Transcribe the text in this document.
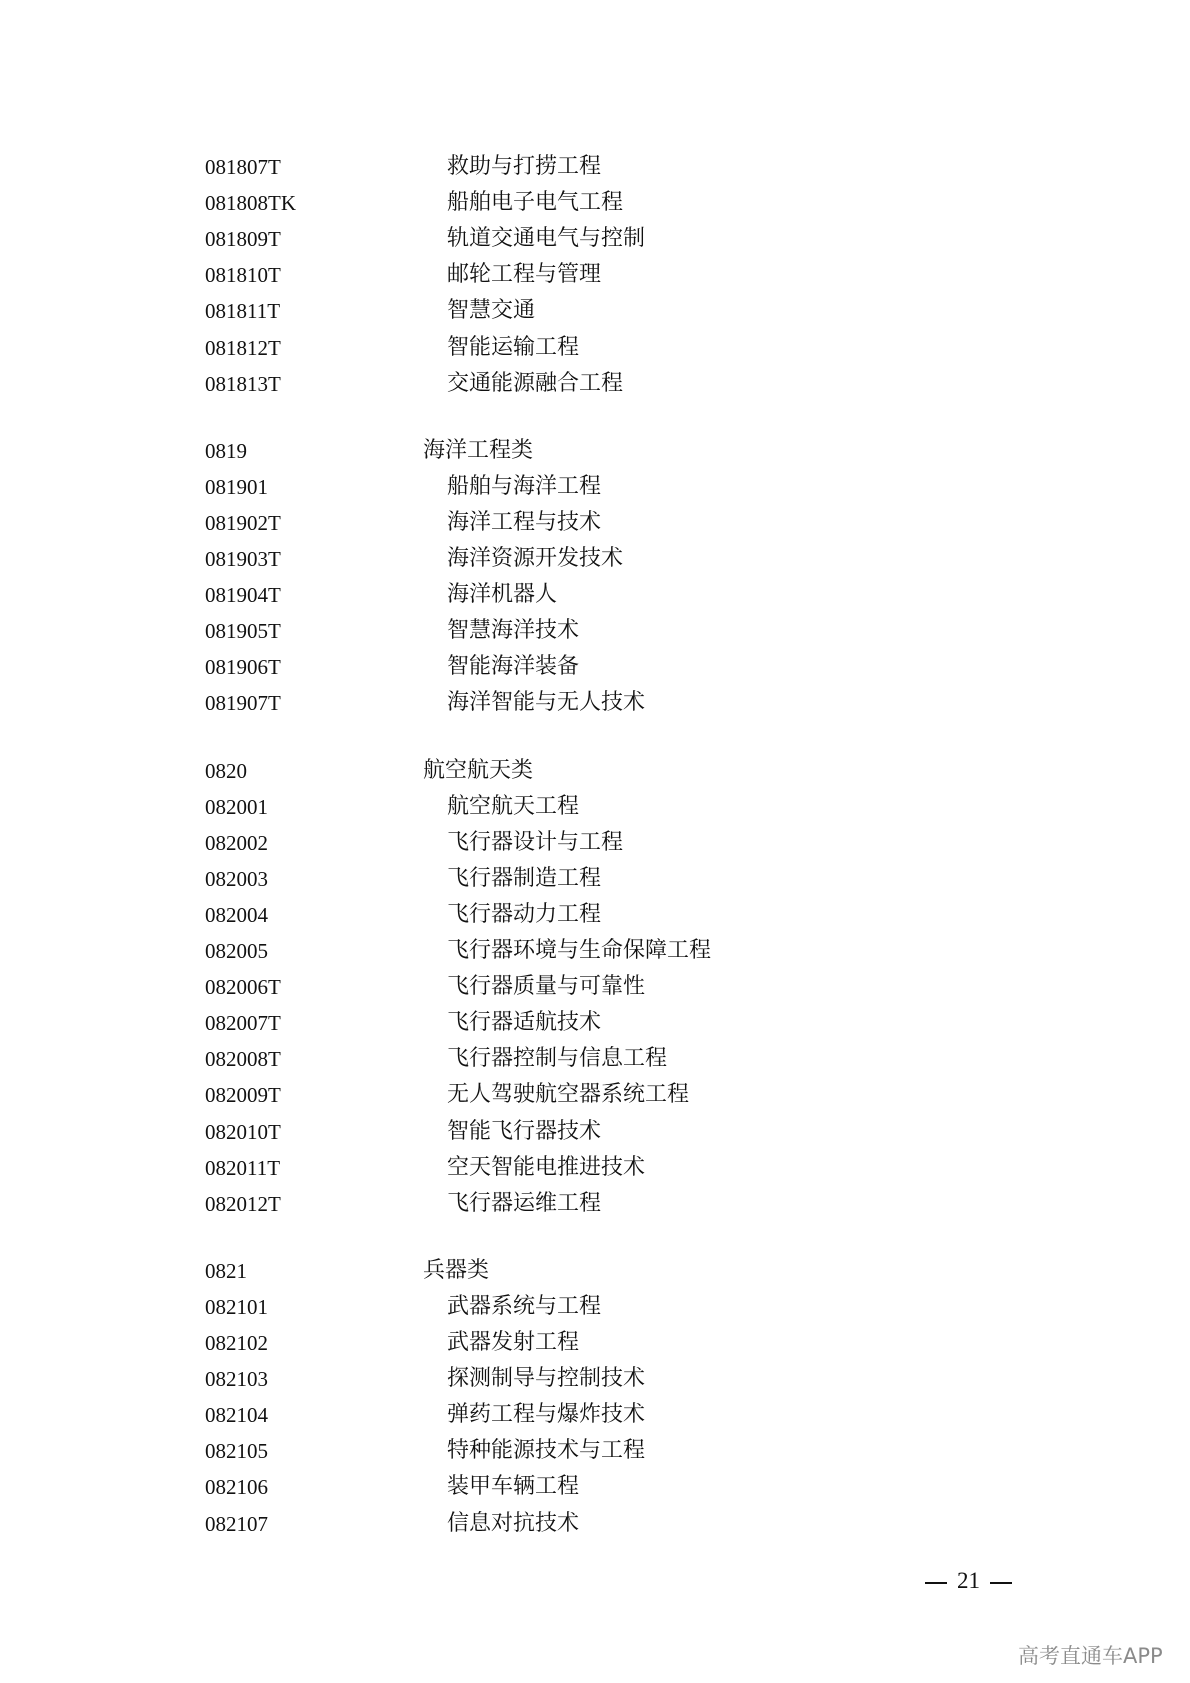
081807T	救助与打捞工程
081808TK	船舶电子电气工程
081809T	轨道交通电气与控制
081810T	邮轮工程与管理
081811T	智慧交通
081812T	智能运输工程
081813T	交通能源融合工程
0819	海洋工程类
081901	船舶与海洋工程
081902T	海洋工程与技术
081903T	海洋资源开发技术
081904T	海洋机器人
081905T	智慧海洋技术
081906T	智能海洋装备
081907T	海洋智能与无人技术
0820	航空航天类
082001	航空航天工程
082002	飞行器设计与工程
082003	飞行器制造工程
082004	飞行器动力工程
082005	飞行器环境与生命保障工程
082006T	飞行器质量与可靠性
082007T	飞行器适航技术
082008T	飞行器控制与信息工程
082009T	无人驾驶航空器系统工程
082010T	智能飞行器技术
082011T	空天智能电推进技术
082012T	飞行器运维工程
0821	兵器类
082101	武器系统与工程
082102	武器发射工程
082103	探测制导与控制技术
082104	弹药工程与爆炸技术
082105	特种能源技术与工程
082106	装甲车辆工程
082107	信息对抗技术
21
高考直通车APP
